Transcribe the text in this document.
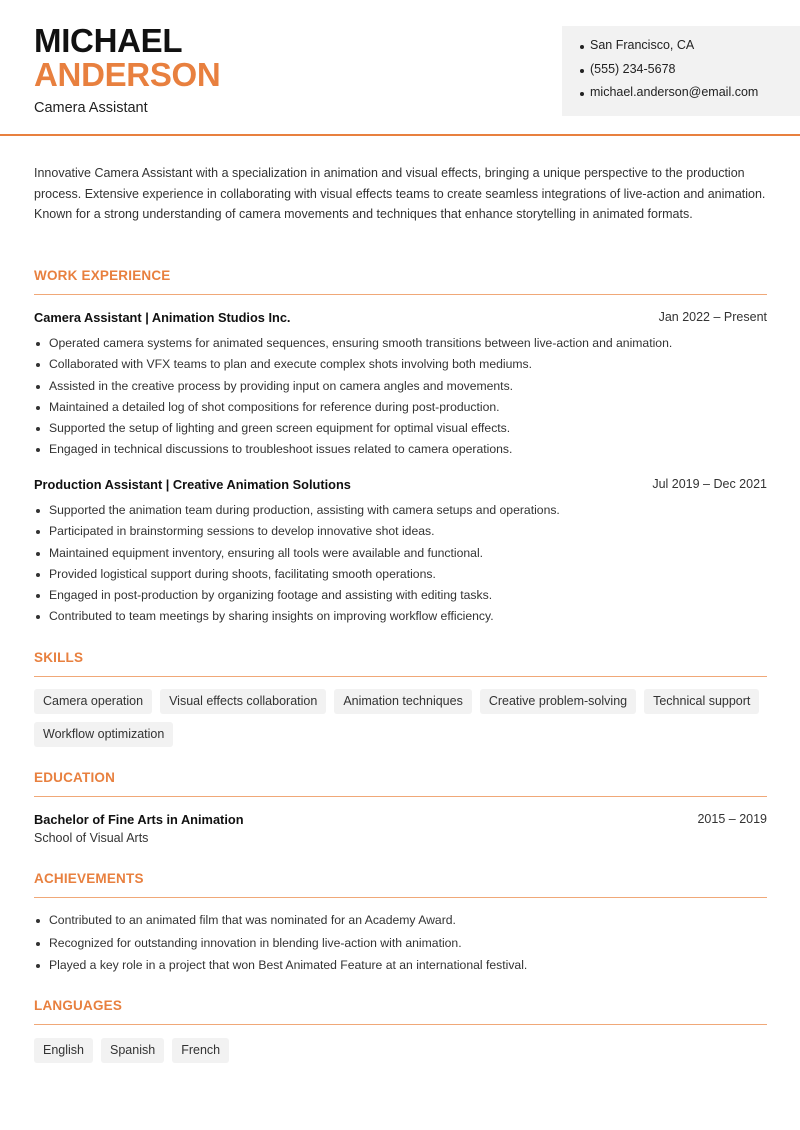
MICHAEL
ANDERSON
Camera Assistant
San Francisco, CA
(555) 234-5678
michael.anderson@email.com
Innovative Camera Assistant with a specialization in animation and visual effects, bringing a unique perspective to the production process. Extensive experience in collaborating with visual effects teams to create seamless integrations of live-action and animation. Known for a strong understanding of camera movements and techniques that enhance storytelling in animated formats.
WORK EXPERIENCE
Camera Assistant | Animation Studios Inc.	Jan 2022 – Present
Operated camera systems for animated sequences, ensuring smooth transitions between live-action and animation.
Collaborated with VFX teams to plan and execute complex shots involving both mediums.
Assisted in the creative process by providing input on camera angles and movements.
Maintained a detailed log of shot compositions for reference during post-production.
Supported the setup of lighting and green screen equipment for optimal visual effects.
Engaged in technical discussions to troubleshoot issues related to camera operations.
Production Assistant | Creative Animation Solutions	Jul 2019 – Dec 2021
Supported the animation team during production, assisting with camera setups and operations.
Participated in brainstorming sessions to develop innovative shot ideas.
Maintained equipment inventory, ensuring all tools were available and functional.
Provided logistical support during shoots, facilitating smooth operations.
Engaged in post-production by organizing footage and assisting with editing tasks.
Contributed to team meetings by sharing insights on improving workflow efficiency.
SKILLS
Camera operation	Visual effects collaboration	Animation techniques	Creative problem-solving	Technical support
Workflow optimization
EDUCATION
Bachelor of Fine Arts in Animation	2015 – 2019
School of Visual Arts
ACHIEVEMENTS
Contributed to an animated film that was nominated for an Academy Award.
Recognized for outstanding innovation in blending live-action with animation.
Played a key role in a project that won Best Animated Feature at an international festival.
LANGUAGES
English	Spanish	French
